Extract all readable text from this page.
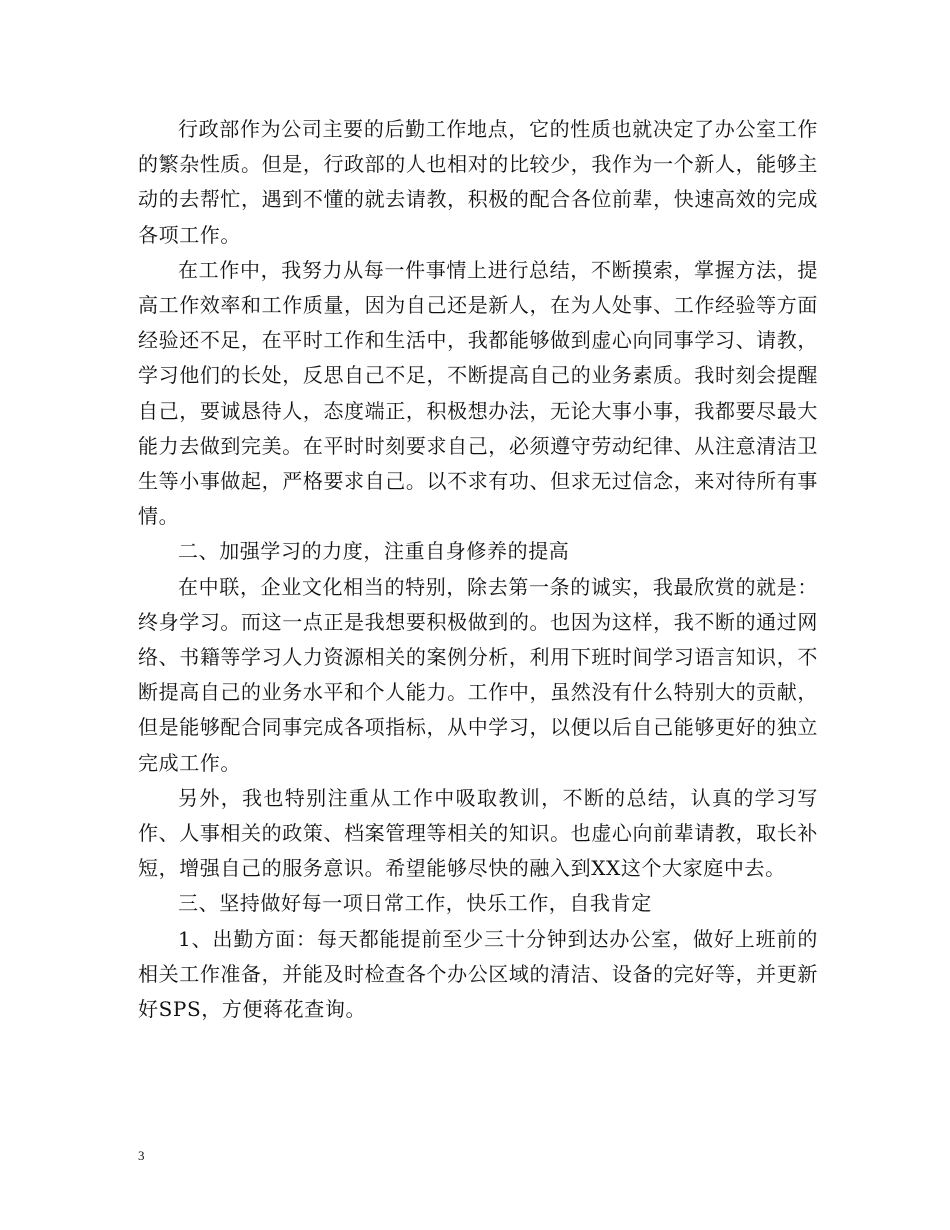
行政部作为公司主要的后勤工作地点，它的性质也就决定了办公室工作的繁杂性质。但是，行政部的人也相对的比较少，我作为一个新人，能够主动的去帮忙，遇到不懂的就去请教，积极的配合各位前辈，快速高效的完成各项工作。

在工作中，我努力从每一件事情上进行总结，不断摸索，掌握方法，提高工作效率和工作质量，因为自己还是新人，在为人处事、工作经验等方面经验还不足，在平时工作和生活中，我都能够做到虚心向同事学习、请教，学习他们的长处，反思自己不足，不断提高自己的业务素质。我时刻会提醒自己，要诚恳待人，态度端正，积极想办法，无论大事小事，我都要尽最大能力去做到完美。在平时时刻要求自己，必须遵守劳动纪律、从注意清洁卫生等小事做起，严格要求自己。以不求有功、但求无过信念，来对待所有事情。

二、加强学习的力度，注重自身修养的提高

在中联，企业文化相当的特别，除去第一条的诚实，我最欣赏的就是：终身学习。而这一点正是我想要积极做到的。也因为这样，我不断的通过网络、书籍等学习人力资源相关的案例分析，利用下班时间学习语言知识，不断提高自己的业务水平和个人能力。工作中，虽然没有什么特别大的贡献，但是能够配合同事完成各项指标，从中学习，以便以后自己能够更好的独立完成工作。

另外，我也特别注重从工作中吸取教训，不断的总结，认真的学习写作、人事相关的政策、档案管理等相关的知识。也虚心向前辈请教，取长补短，增强自己的服务意识。希望能够尽快的融入到XX这个大家庭中去。

三、坚持做好每一项日常工作，快乐工作，自我肯定

1、出勤方面：每天都能提前至少三十分钟到达办公室，做好上班前的相关工作准备，并能及时检查各个办公区域的清洁、设备的完好等，并更新好SPS，方便蒋花查询。

3
